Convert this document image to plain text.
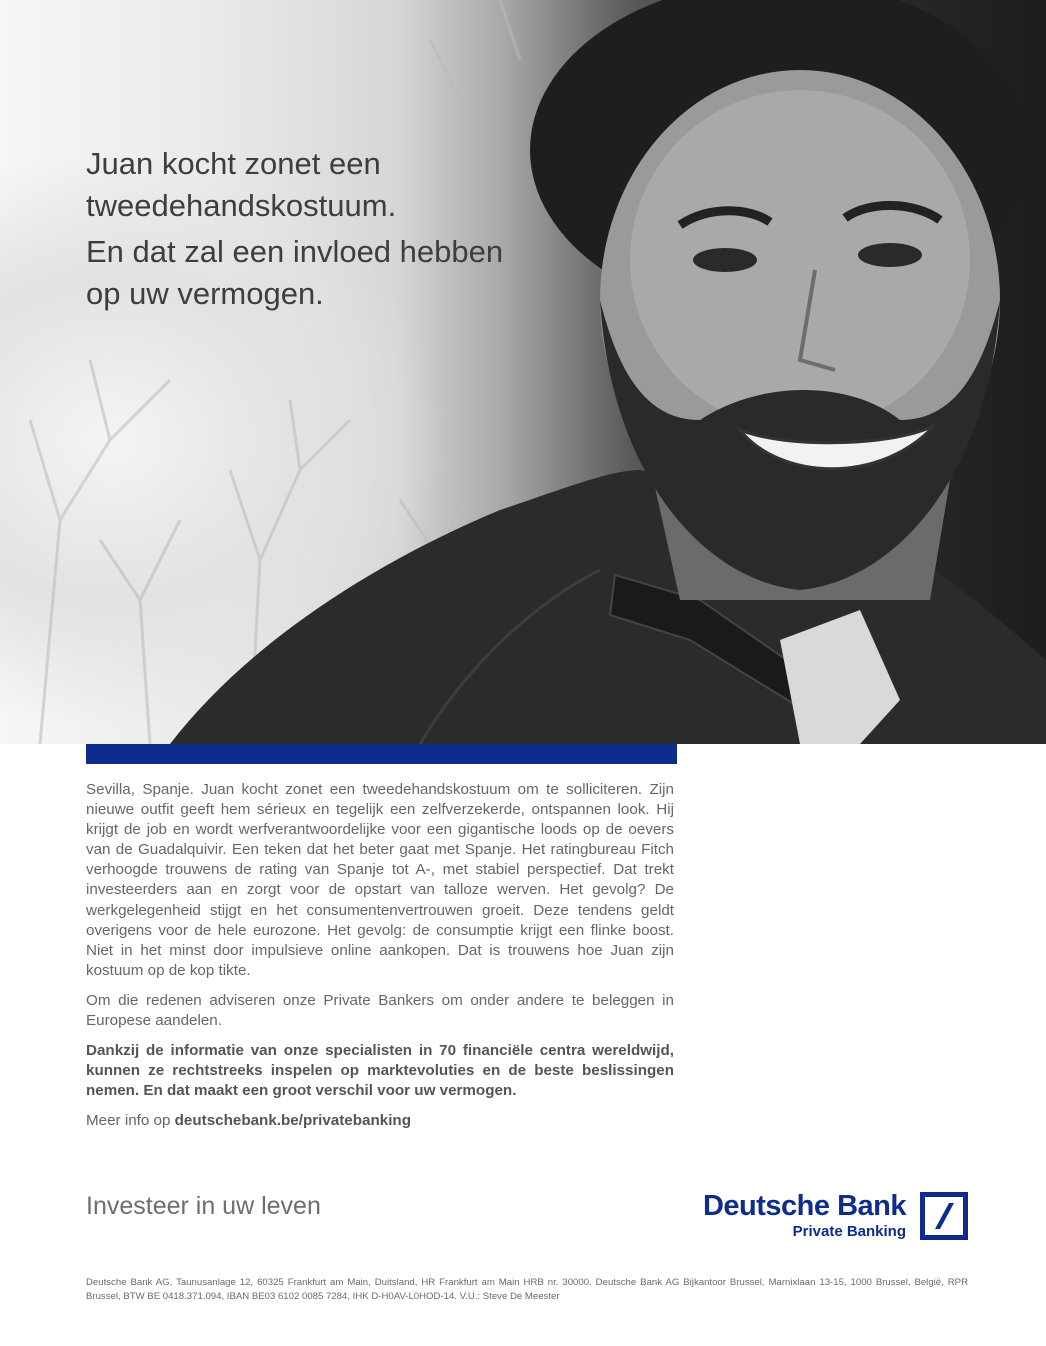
Juan kocht zonet een tweedehandskostuum.
En dat zal een invloed hebben op uw vermogen.

Sevilla, Spanje. Juan kocht zonet een tweedehandskostuum om te solliciteren. Zijn nieuwe outfit geeft hem sérieux en tegelijk een zelfverzekerde, ontspannen look. Hij krijgt de job en wordt werfverantwoordelijke voor een gigantische loods op de oevers van de Guadalquivir. Een teken dat het beter gaat met Spanje. Het ratingbureau Fitch verhoogde trouwens de rating van Spanje tot A-, met stabiel perspectief. Dat trekt investeerders aan en zorgt voor de opstart van talloze werven. Het gevolg? De werkgelegenheid stijgt en het consumentenvertrouwen groeit. Deze tendens geldt overigens voor de hele eurozone. Het gevolg: de consumptie krijgt een flinke boost. Niet in het minst door impulsieve online aankopen. Dat is trouwens hoe Juan zijn kostuum op de kop tikte.

Om die redenen adviseren onze Private Bankers om onder andere te beleggen in Europese aandelen.

Dankzij de informatie van onze specialisten in 70 financiële centra wereldwijd, kunnen ze rechtstreeks inspelen op marktevoluties en de beste beslissingen nemen. En dat maakt een groot verschil voor uw vermogen.

Meer info op deutschebank.be/privatebanking

Investeer in uw leven	Deutsche Bank
Private Banking

Deutsche Bank AG, Taunusanlage 12, 60325 Frankfurt am Main, Duitsland, HR Frankfurt am Main HRB nr. 30000. Deutsche Bank AG Bijkantoor Brussel, Marnixlaan 13-15, 1000 Brussel, België, RPR Brussel, BTW BE 0418.371.094, IBAN BE03 6102 0085 7284, IHK D-H0AV-L0HOD-14. V.U.: Steve De Meester
